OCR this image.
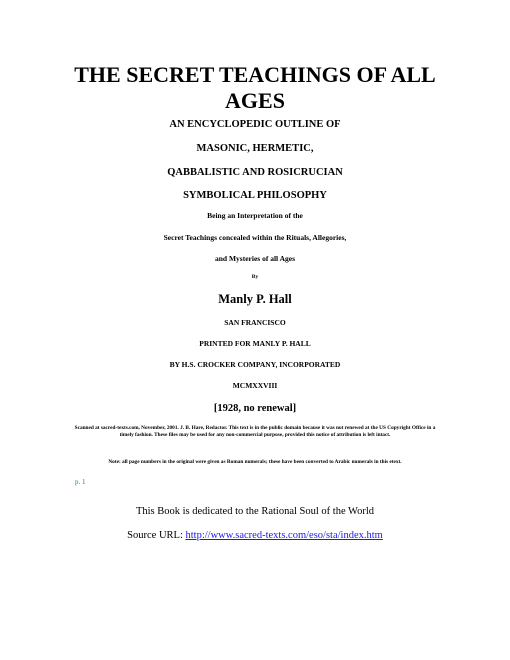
THE SECRET TEACHINGS OF ALL AGES

AN ENCYCLOPEDIC OUTLINE OF

MASONIC, HERMETIC,

QABBALISTIC AND ROSICRUCIAN

SYMBOLICAL PHILOSOPHY

Being an Interpretation of the

Secret Teachings concealed within the Rituals, Allegories,

and Mysteries of all Ages

By

Manly P. Hall

SAN FRANCISCO

PRINTED FOR MANLY P. HALL

BY H.S. CROCKER COMPANY, INCORPORATED

MCMXXVIII

[1928, no renewal]

Scanned at sacred-texts.com, November, 2001. J. B. Hare, Redactor. This text is in the public domain because it was not renewed at the US Copyright Office in a timely fashion. These files may be used for any non-commercial purpose, provided this notice of attribution is left intact.

Note: all page numbers in the original were given as Roman numerals; these have been converted to Arabic numerals in this etext.

p. 1

This Book is dedicated to the Rational Soul of the World

Source URL: http://www.sacred-texts.com/eso/sta/index.htm
